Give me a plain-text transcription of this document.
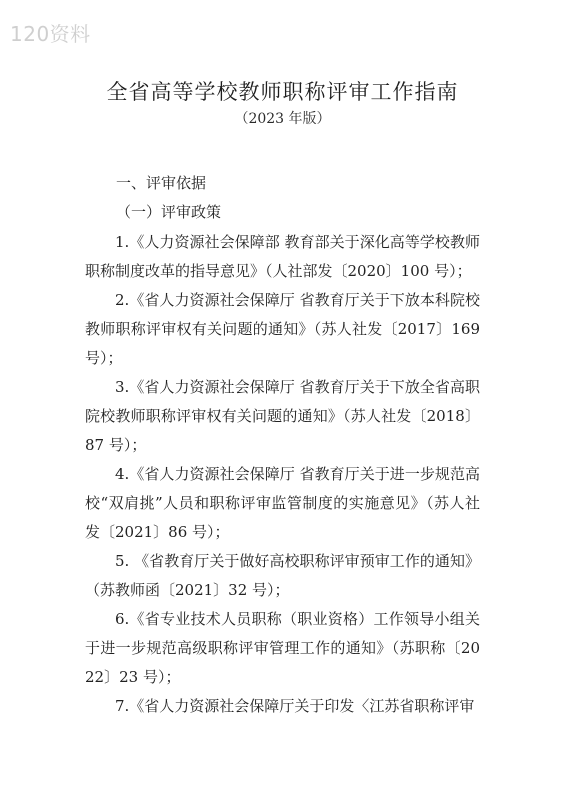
120资料
全省高等学校教师职称评审工作指南
（2023 年版）
一、评审依据
（一）评审政策
1.《人力资源社会保障部 教育部关于深化高等学校教师职称制度改革的指导意见》（人社部发〔2020〕100 号）；
2.《省人力资源社会保障厅 省教育厅关于下放本科院校教师职称评审权有关问题的通知》（苏人社发〔2017〕169 号）；
3.《省人力资源社会保障厅 省教育厅关于下放全省高职院校教师职称评审权有关问题的通知》（苏人社发〔2018〕87 号）；
4.《省人力资源社会保障厅 省教育厅关于进一步规范高校“双肩挑”人员和职称评审监管制度的实施意见》（苏人社发〔2021〕86 号）；
5. 《省教育厅关于做好高校职称评审预审工作的通知》（苏教师函〔2021〕32 号）；
6.《省专业技术人员职称（职业资格）工作领导小组关于进一步规范高级职称评审管理工作的通知》（苏职称〔2022〕23 号）；
7.《省人力资源社会保障厅关于印发〈江苏省职称评审
